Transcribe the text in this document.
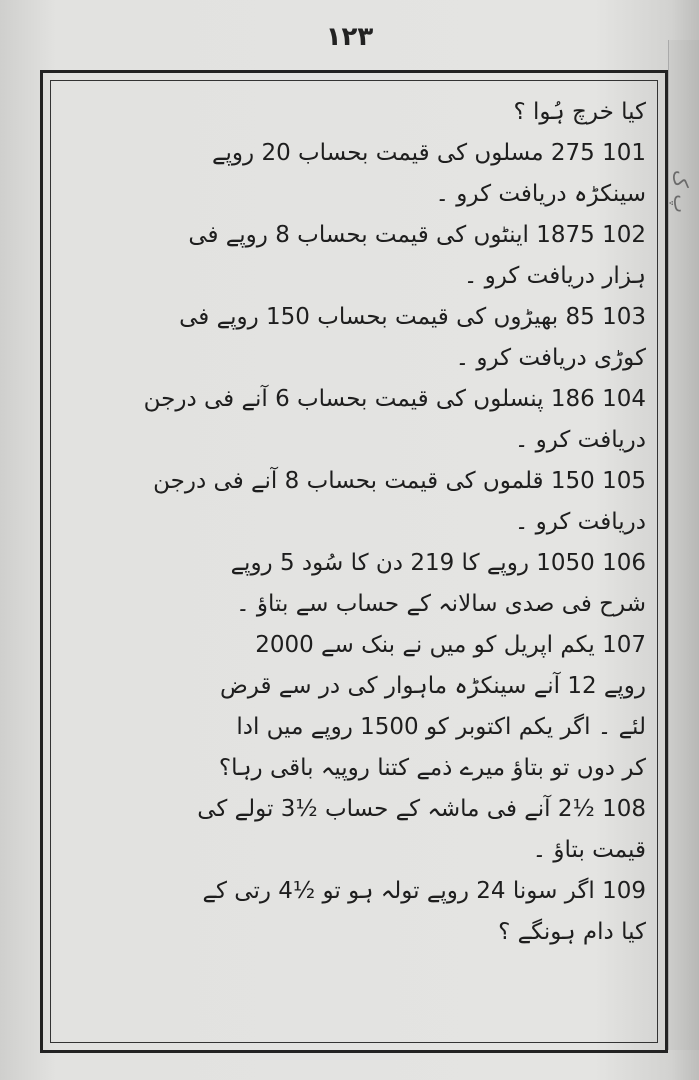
۱۲۳
کیا خرچ ہُوا ؟
101 275 مسلوں کی قیمت بحساب 20 روپے
سینکڑہ دریافت کرو ۔
102 1875 اینٹوں کی قیمت بحساب 8 روپے فی
ہزار دریافت کرو ۔
103 85 بھیڑوں کی قیمت بحساب 150 روپے فی
کوڑی دریافت کرو ۔
104 186 پنسلوں کی قیمت بحساب 6 آنے فی درجن
دریافت کرو ۔
105 150 قلموں کی قیمت بحساب 8 آنے فی درجن
دریافت کرو ۔
106 1050 روپے کا 219 دن کا سُود 5 روپے
شرح فی صدی سالانہ کے حساب سے بتاؤ ۔
107 یکم اپریل کو میں نے بنک سے 2000
روپے 12 آنے سینکڑہ ماہوار کی در سے قرض
لئے ۔ اگر یکم اکتوبر کو 1500 روپے میں ادا
کر دوں تو بتاؤ میرے ذمے کتنا روپیہ باقی رہا؟
108 ½2 آنے فی ماشہ کے حساب ½3 تولے کی
قیمت بتاؤ ۔
109 اگر سونا 24 روپے تولہ ہو تو ½4 رتی کے
کیا دام ہونگے ؟
پ ک
